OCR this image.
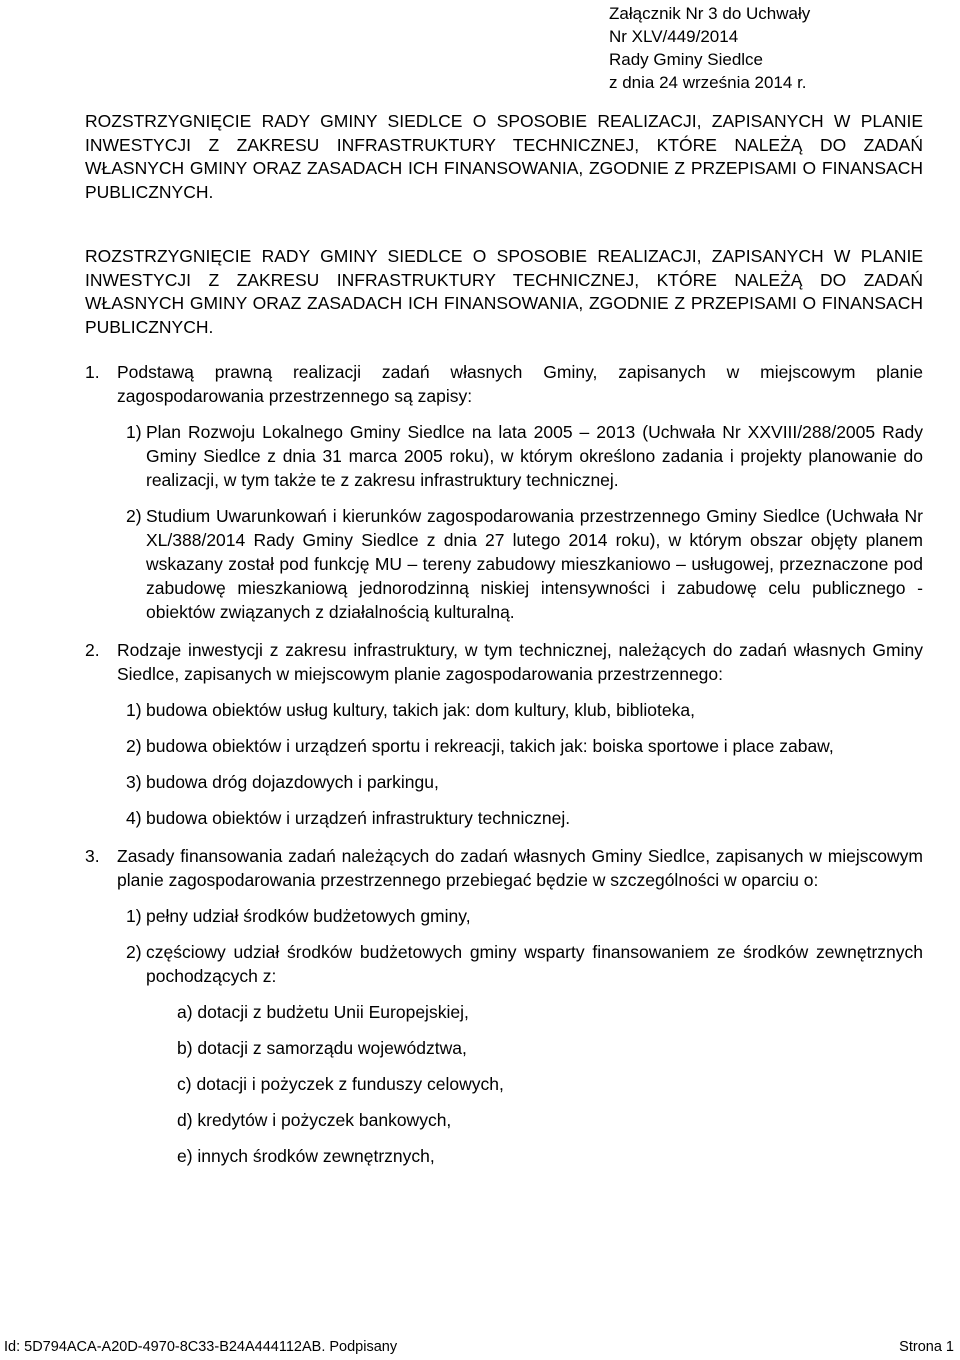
Załącznik Nr 3 do Uchwały
Nr XLV/449/2014
Rady Gminy Siedlce
z dnia 24 września 2014 r.
ROZSTRZYGNIĘCIE RADY GMINY SIEDLCE O SPOSOBIE REALIZACJI, ZAPISANYCH W PLANIE INWESTYCJI Z ZAKRESU INFRASTRUKTURY TECHNICZNEJ, KTÓRE NALEŻĄ DO ZADAŃ WŁASNYCH GMINY ORAZ ZASADACH ICH FINANSOWANIA, ZGODNIE Z PRZEPISAMI O FINANSACH PUBLICZNYCH.
ROZSTRZYGNIĘCIE RADY GMINY SIEDLCE O SPOSOBIE REALIZACJI, ZAPISANYCH W PLANIE INWESTYCJI Z ZAKRESU INFRASTRUKTURY TECHNICZNEJ, KTÓRE NALEŻĄ DO ZADAŃ WŁASNYCH GMINY ORAZ ZASADACH ICH FINANSOWANIA, ZGODNIE Z PRZEPISAMI O FINANSACH PUBLICZNYCH.
1. Podstawą prawną realizacji zadań własnych Gminy, zapisanych w miejscowym planie zagospodarowania przestrzennego są zapisy:
1) Plan Rozwoju Lokalnego Gminy Siedlce na lata 2005 – 2013 (Uchwała Nr XXVIII/288/2005 Rady Gminy Siedlce z dnia 31 marca 2005 roku), w którym określono zadania i projekty planowanie do realizacji, w tym także te z zakresu infrastruktury technicznej.
2) Studium Uwarunkowań i kierunków zagospodarowania przestrzennego Gminy Siedlce (Uchwała Nr XL/388/2014 Rady Gminy Siedlce z dnia 27 lutego 2014 roku), w którym obszar objęty planem wskazany został pod funkcję MU – tereny zabudowy mieszkaniowo – usługowej, przeznaczone pod zabudowę mieszkaniową jednorodzinną niskiej intensywności i zabudowę celu publicznego - obiektów związanych z działalnością kulturalną.
2. Rodzaje inwestycji z zakresu infrastruktury, w tym technicznej, należących do zadań własnych Gminy Siedlce, zapisanych w miejscowym planie zagospodarowania przestrzennego:
1) budowa obiektów usług kultury, takich jak: dom kultury, klub, biblioteka,
2) budowa obiektów i urządzeń sportu i rekreacji, takich jak: boiska sportowe i place zabaw,
3) budowa dróg dojazdowych i parkingu,
4) budowa obiektów i urządzeń infrastruktury technicznej.
3. Zasady finansowania zadań należących do zadań własnych Gminy Siedlce, zapisanych w miejscowym planie zagospodarowania przestrzennego przebiegać będzie w szczególności w oparciu o:
1) pełny udział środków budżetowych gminy,
2) częściowy udział środków budżetowych gminy wsparty finansowaniem ze środków zewnętrznych pochodzących z:
a) dotacji z budżetu Unii Europejskiej,
b) dotacji z samorządu województwa,
c) dotacji i pożyczek z funduszy celowych,
d) kredytów i pożyczek bankowych,
e) innych środków zewnętrznych,
Id: 5D794ACA-A20D-4970-8C33-B24A444112AB. Podpisany	Strona 1
